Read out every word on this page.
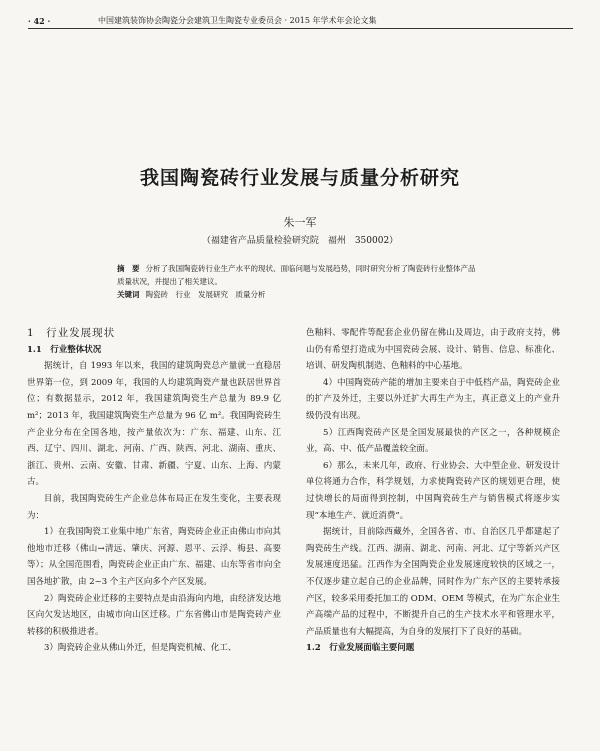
· 42 ·	中国建筑装饰协会陶瓷分会建筑卫生陶瓷专业委员会 · 2015 年学术年会论文集
我国陶瓷砖行业发展与质量分析研究
朱一军
（福建省产品质量检验研究院　福州　350002）
摘　要 分析了我国陶瓷砖行业生产水平的现状、面临问题与发展趋势，同时研究分析了陶瓷砖行业整体产品质量状况，并提出了相关建议。
关键词 陶瓷砖　行业　发展研究　质量分析

1　行业发展现状

1.1　行业整体状况

据统计，自 1993 年以来，我国的建筑陶瓷总产量就一直稳居世界第一位，到 2009 年，我国的人均建筑陶瓷产量也跃居世界首位；有数据显示，2012 年，我国建筑陶瓷生产总量为 89.9 亿 m²；2013 年，我国建筑陶瓷生产总量为 96 亿 m²。我国陶瓷砖生产企业分布在全国各地，按产量依次为：广东、福建、山东、江西、辽宁、四川、湖北、河南、广西、陕西、河北、湖南、重庆、浙江、贵州、云南、安徽、甘肃、新疆、宁夏、山东、上海、内蒙古。

目前，我国陶瓷砖生产企业总体布局正在发生变化，主要表现为：

1）在我国陶瓷工业集中地广东省，陶瓷砖企业正由佛山市向其他地市迁移（佛山→清远、肇庆、河源、恩平、云浮、梅县、高要等）；从全国范围看，陶瓷砖企业正由广东、福建、山东等省市向全国各地扩散，由 2~3 个主产区向多个产区发展。

2）陶瓷砖企业迁移的主要特点是由沿海向内地，由经济发达地区向欠发达地区，由城市向山区迁移。广东省佛山市是陶瓷砖产业转移的积极推进者。

3）陶瓷砖企业从佛山外迁，但是陶瓷机械、化工、

色釉料、零配件等配套企业仍留在佛山及周边，由于政府支持，佛山仍有希望打造成为中国瓷砖会展、设计、销售、信息、标准化、培训、研发陶机制造、色釉料的中心基地。

4）中国陶瓷砖产能的增加主要来自于中低档产品，陶瓷砖企业的扩产及外迁，主要以外迁扩大再生产为主，真正意义上的产业升级仍没有出现。

5）江西陶瓷砖产区是全国发展最快的产区之一，各种规模企业，高、中、低产品覆盖较全面。

6）那么，未来几年，政府、行业协会、大中型企业、研发设计单位将通力合作，科学规划，力求使陶瓷砖产区的规划更合理，使过快增长的局面得到控制，中国陶瓷砖生产与销售模式将逐步实现“本地生产、就近消费”。

据统计，目前除西藏外，全国各省、市、自治区几乎都建起了陶瓷砖生产线。江西、湖南、湖北、河南、河北、辽宁等新兴产区发展速度迅猛。江西作为全国陶瓷企业发展速度较快的区域之一，不仅逐步建立起自己的企业品牌，同时作为广东产区的主要转承接产区，较多采用委托加工的 ODM、OEM 等模式，在为广东企业生产高端产品的过程中，不断提升自己的生产技术水平和管理水平，产品质量也有大幅提高，为自身的发展打下了良好的基础。

1.2　行业发展面临主要问题
